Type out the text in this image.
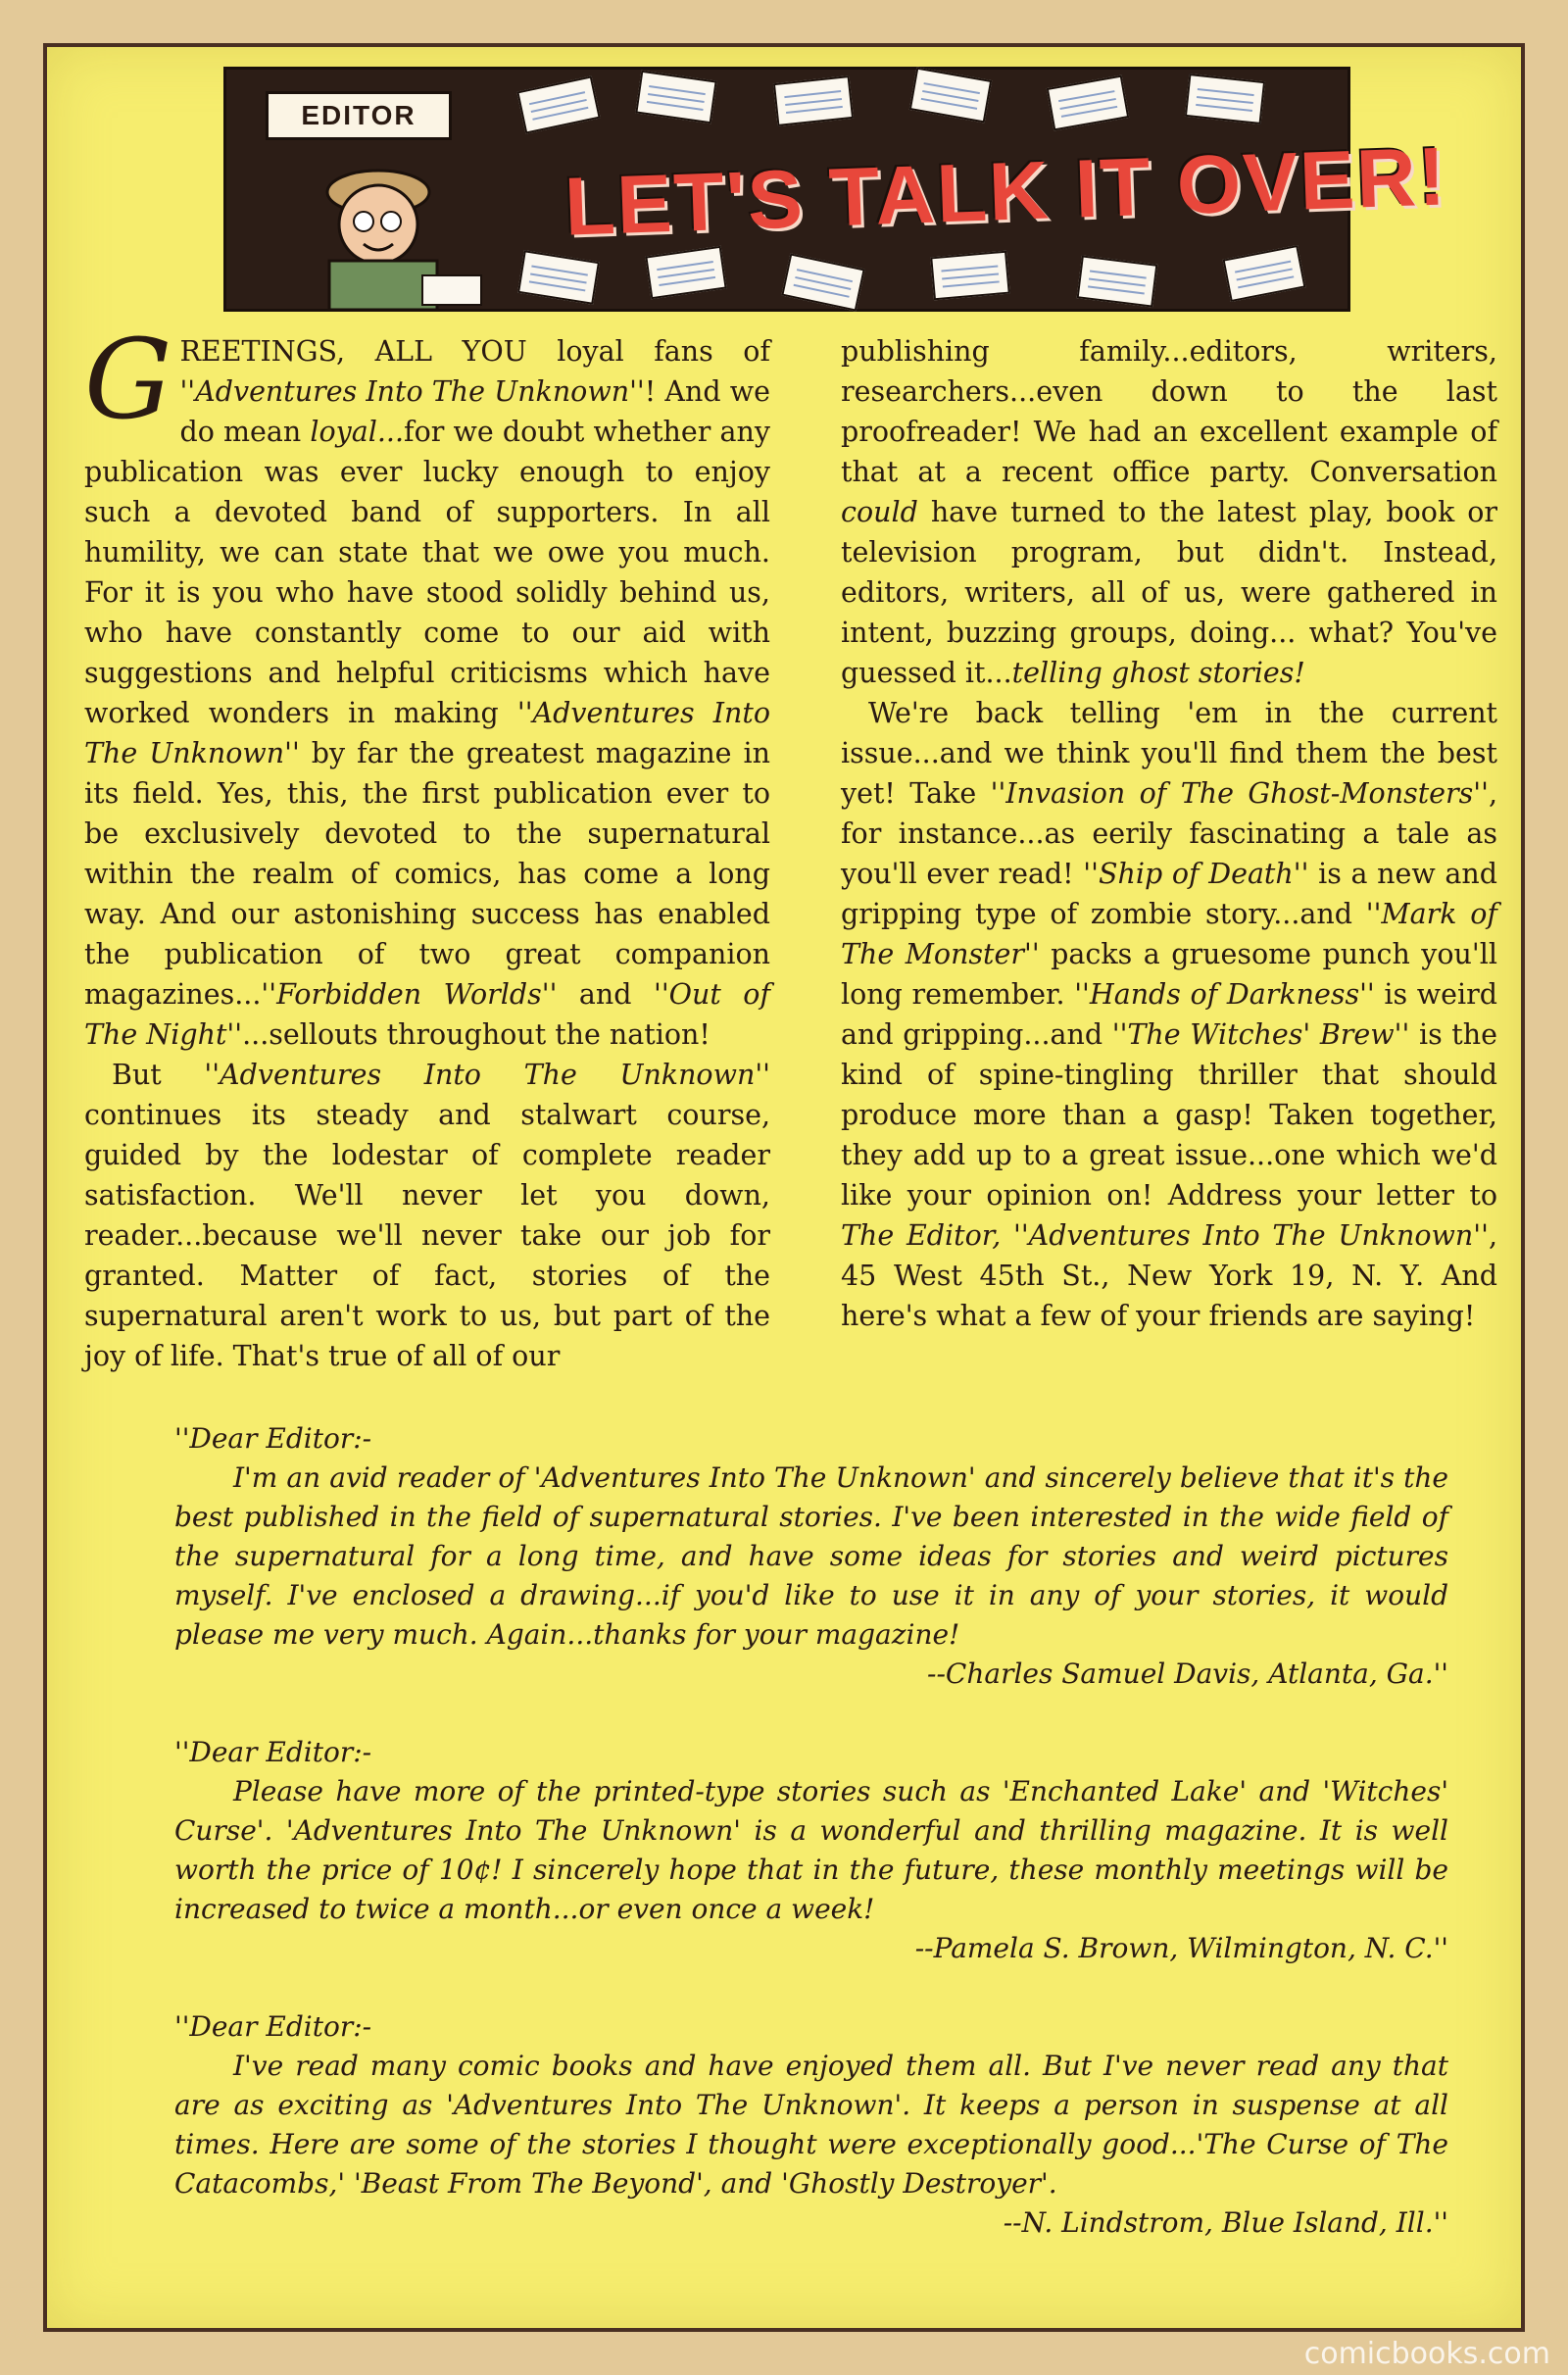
EDITOR
LET'S TALK IT OVER!

G REETINGS, ALL YOU loyal fans of ''Adventures Into The Unknown''! And we do mean loyal...for we doubt whether any publication was ever lucky enough to enjoy such a devoted band of supporters. In all humility, we can state that we owe you much. For it is you who have stood solidly behind us, who have constantly come to our aid with suggestions and helpful criticisms which have worked wonders in making ''Adventures Into The Unknown'' by far the greatest magazine in its field. Yes, this, the first publication ever to be exclusively devoted to the supernatural within the realm of comics, has come a long way. And our astonishing success has enabled the publication of two great companion magazines...''Forbidden Worlds'' and ''Out of The Night''...sellouts throughout the nation!

But ''Adventures Into The Unknown'' continues its steady and stalwart course, guided by the lodestar of complete reader satisfaction. We'll never let you down, reader...because we'll never take our job for granted. Matter of fact, stories of the supernatural aren't work to us, but part of the joy of life. That's true of all of our

publishing family...editors, writers, researchers...even down to the last proofreader! We had an excellent example of that at a recent office party. Conversation could have turned to the latest play, book or television program, but didn't. Instead, editors, writers, all of us, were gathered in intent, buzzing groups, doing... what? You've guessed it...telling ghost stories!

We're back telling 'em in the current issue...and we think you'll find them the best yet! Take ''Invasion of The Ghost-Monsters'', for instance...as eerily fascinating a tale as you'll ever read! ''Ship of Death'' is a new and gripping type of zombie story...and ''Mark of The Monster'' packs a gruesome punch you'll long remember. ''Hands of Darkness'' is weird and gripping...and ''The Witches' Brew'' is the kind of spine-tingling thriller that should produce more than a gasp! Taken together, they add up to a great issue...one which we'd like your opinion on! Address your letter to The Editor, ''Adventures Into The Unknown'', 45 West 45th St., New York 19, N. Y. And here's what a few of your friends are saying!

''Dear Editor:-

I'm an avid reader of 'Adventures Into The Unknown' and sincerely believe that it's the best published in the field of supernatural stories. I've been interested in the wide field of the supernatural for a long time, and have some ideas for stories and weird pictures myself. I've enclosed a drawing...if you'd like to use it in any of your stories, it would please me very much. Again...thanks for your magazine!

--Charles Samuel Davis, Atlanta, Ga.''

''Dear Editor:-

Please have more of the printed-type stories such as 'Enchanted Lake' and 'Witches' Curse'. 'Adventures Into The Unknown' is a wonderful and thrilling magazine. It is well worth the price of 10¢! I sincerely hope that in the future, these monthly meetings will be increased to twice a month...or even once a week!

--Pamela S. Brown, Wilmington, N. C.''

''Dear Editor:-

I've read many comic books and have enjoyed them all. But I've never read any that are as exciting as 'Adventures Into The Unknown'. It keeps a person in suspense at all times. Here are some of the stories I thought were exceptionally good...'The Curse of The Catacombs,' 'Beast From The Beyond', and 'Ghostly Destroyer'.

--N. Lindstrom, Blue Island, Ill.''

comicbooks.com
